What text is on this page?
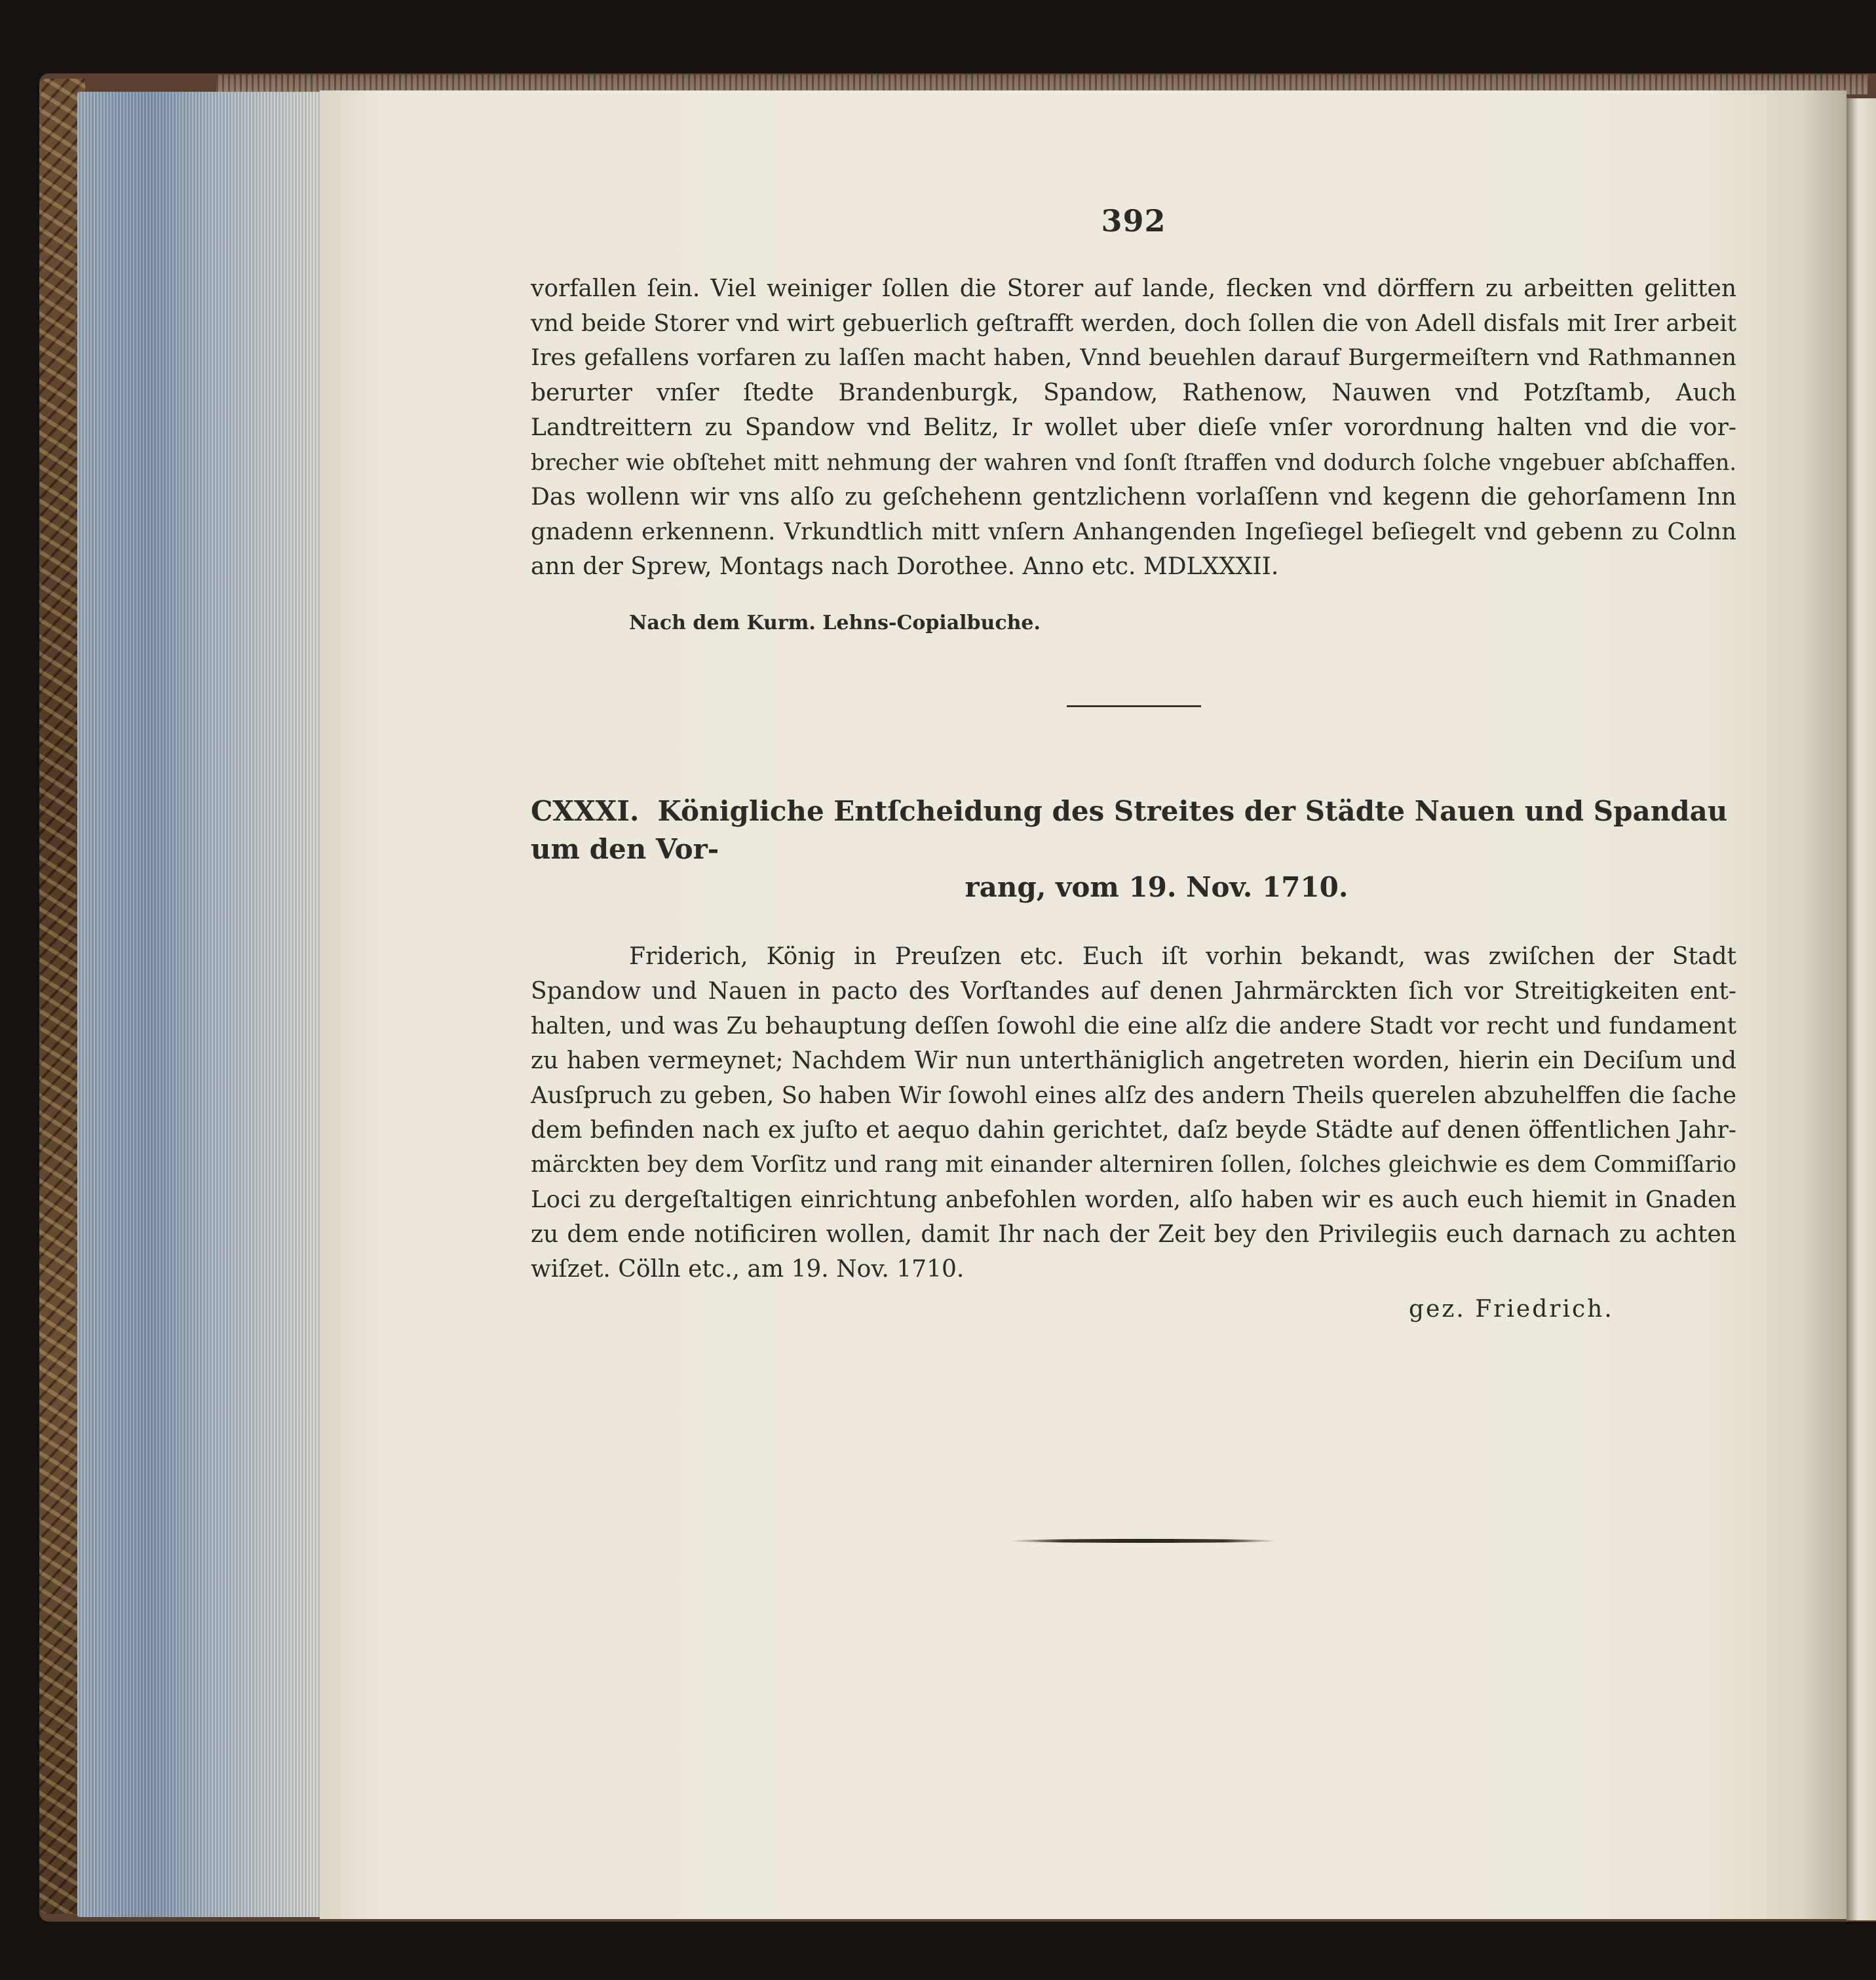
392
vorfallen ſein. Viel weiniger ſollen die Storer auf lande, flecken vnd dörffern zu arbeitten gelitten
vnd beide Storer vnd wirt gebuerlich geſtrafft werden, doch ſollen die von Adell disfals mit Irer arbeit
Ires gefallens vorfaren zu laſſen macht haben, Vnnd beuehlen darauf Burgermeiſtern vnd Rathmannen
berurter vnſer ſtedte Brandenburgk, Spandow, Rathenow, Nauwen vnd Potzſtamb, Auch
Landtreittern zu Spandow vnd Belitz, Ir wollet uber dieſe vnſer vorordnung halten vnd die vor-
brecher wie obſtehet mitt nehmung der wahren vnd ſonſt ſtraffen vnd dodurch ſolche vngebuer abſchaffen.
Das wollenn wir vns alſo zu geſchehenn gentzlichenn vorlaſſenn vnd kegenn die gehorſamenn Inn
gnadenn erkennenn. Vrkundtlich mitt vnſern Anhangenden Ingeſiegel beſiegelt vnd gebenn zu Colnn
ann der Sprew, Montags nach Dorotheе. Anno etc. MDLXXXII.
Nach dem Kurm. Lehns-Copialbuche.
CXXXI. Königliche Entſcheidung des Streites der Städte Nauen und Spandau um den Vor-
rang, vom 19. Nov. 1710.
Friderich, König in Preuſzen etc. Euch iſt vorhin bekandt, was zwiſchen der Stadt
Spandow und Nauen in pacto des Vorſtandes auf denen Jahrmärckten ſich vor Streitigkeiten ent-
halten, und was Zu behauptung deſſen ſowohl die eine alſz die andere Stadt vor recht und fundament
zu haben vermeynet; Nachdem Wir nun unterthäniglich angetreten worden, hierin ein Deciſum und
Ausſpruch zu geben, So haben Wir ſowohl eines alſz des andern Theils querelen abzuhelffen die ſache
dem befinden nach ex juſto et aequo dahin gerichtet, daſz beyde Städte auf denen öffentlichen Jahr-
märckten bey dem Vorſitz und rang mit einander alterniren ſollen, ſolches gleichwie es dem Commiſſario
Loci zu dergeſtaltigen einrichtung anbefohlen worden, alſo haben wir es auch euch hiemit in Gnaden
zu dem ende notificiren wollen, damit Ihr nach der Zeit bey den Privilegiis euch darnach zu achten
wiſzet. Cölln etc., am 19. Nov. 1710.
gez. Friedrich.
